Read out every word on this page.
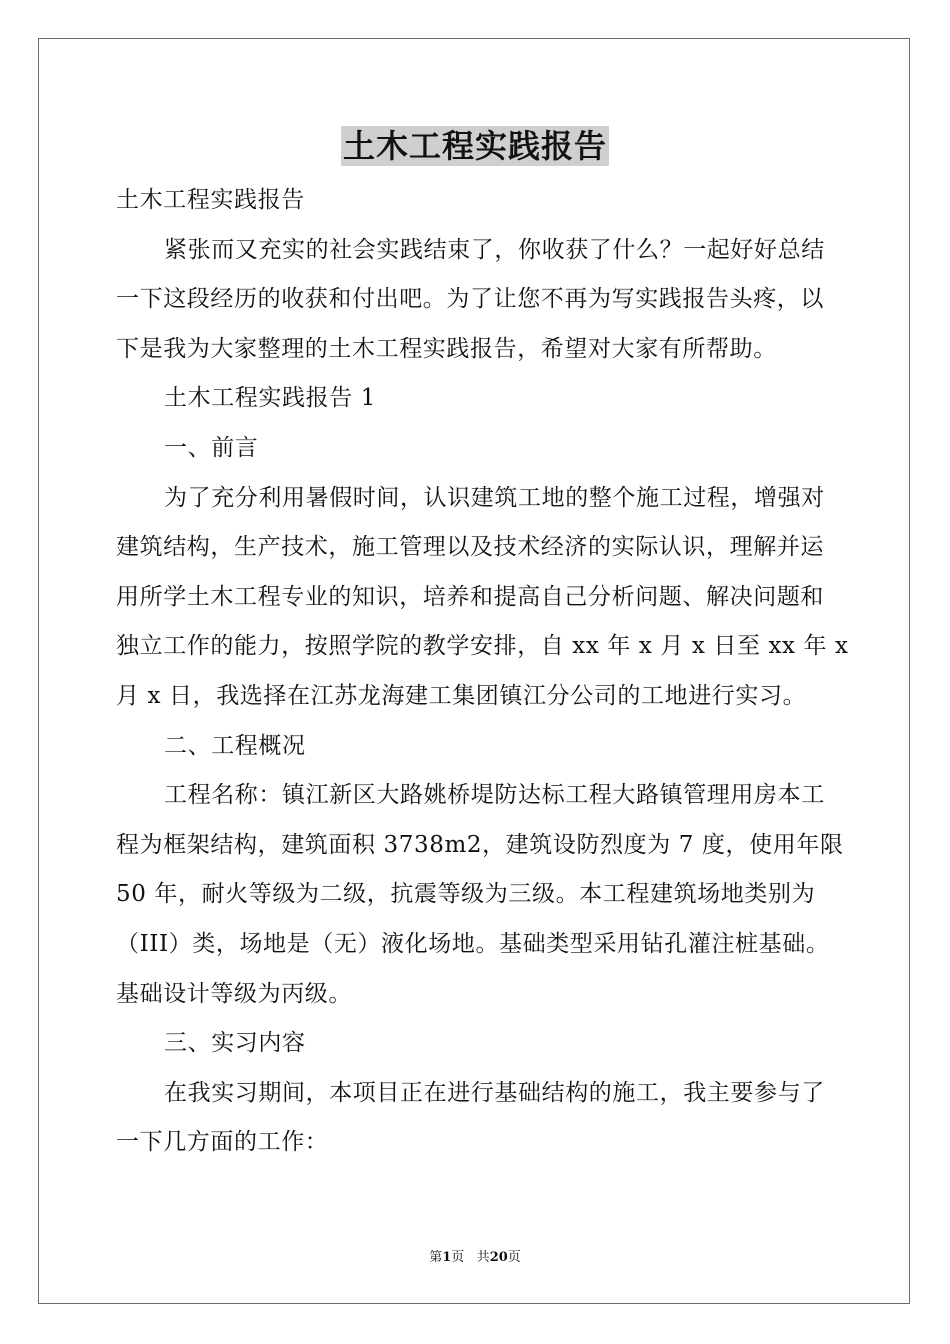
土木工程实践报告
土木工程实践报告
紧张而又充实的社会实践结束了，你收获了什么？一起好好总结
一下这段经历的收获和付出吧。为了让您不再为写实践报告头疼，以
下是我为大家整理的土木工程实践报告，希望对大家有所帮助。
土木工程实践报告 1
一、前言
为了充分利用暑假时间，认识建筑工地的整个施工过程，增强对
建筑结构，生产技术，施工管理以及技术经济的实际认识，理解并运
用所学土木工程专业的知识，培养和提高自己分析问题、解决问题和
独立工作的能力，按照学院的教学安排，自 xx 年 x 月 x 日至 xx 年 x
月 x 日，我选择在江苏龙海建工集团镇江分公司的工地进行实习。
二、工程概况
工程名称：镇江新区大路姚桥堤防达标工程大路镇管理用房本工
程为框架结构，建筑面积 3738m2，建筑设防烈度为 7 度，使用年限
50 年，耐火等级为二级，抗震等级为三级。本工程建筑场地类别为
（III）类，场地是（无）液化场地。基础类型采用钻孔灌注桩基础。
基础设计等级为丙级。
三、实习内容
在我实习期间，本项目正在进行基础结构的施工，我主要参与了
一下几方面的工作：
第1页 共20页
